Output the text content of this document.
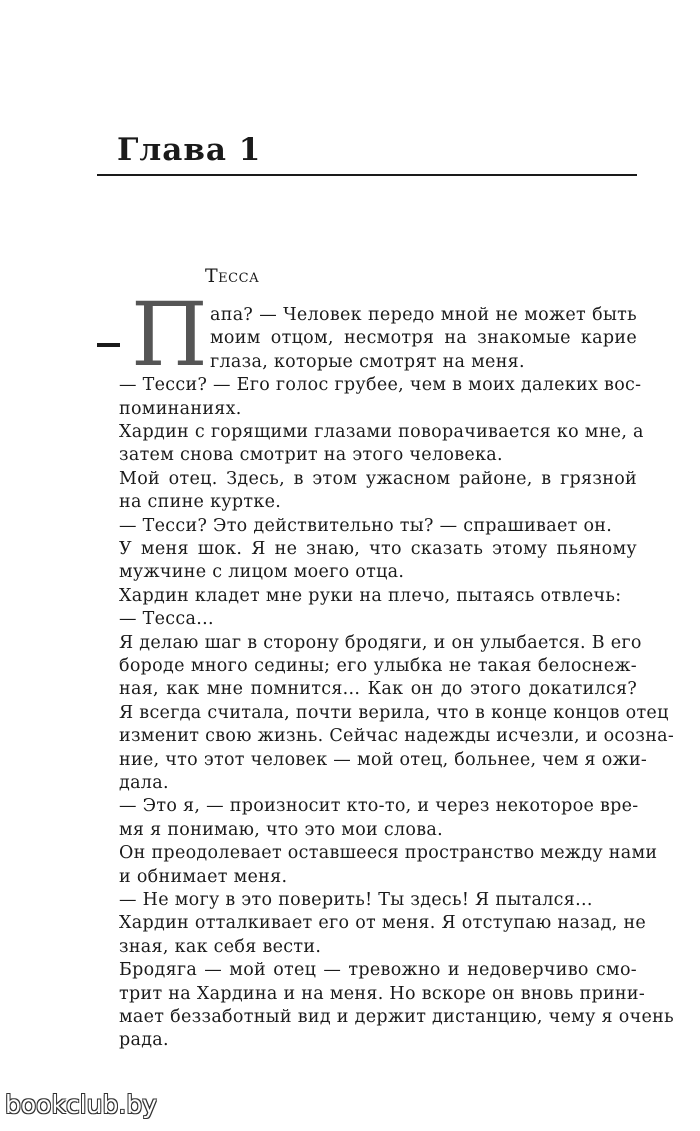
Глава 1
Тесса
П апа? — Человек передо мной не может быть
моим отцом, несмотря на знакомые карие
глаза, которые смотрят на меня.
— Тесси? — Его голос грубее, чем в моих далеких вос-
поминаниях.
Хардин с горящими глазами поворачивается ко мне, а
затем снова смотрит на этого человека.
Мой отец. Здесь, в этом ужасном районе, в грязной
на спине куртке.
— Тесси? Это действительно ты? — спрашивает он.
У меня шок. Я не знаю, что сказать этому пьяному
мужчине с лицом моего отца.
Хардин кладет мне руки на плечо, пытаясь отвлечь:
— Тесса...
Я делаю шаг в сторону бродяги, и он улыбается. В его
бороде много седины; его улыбка не такая белоснеж-
ная, как мне помнится... Как он до этого докатился?
Я всегда считала, почти верила, что в конце концов отец
изменит свою жизнь. Сейчас надежды исчезли, и осозна-
ние, что этот человек — мой отец, больнее, чем я ожи-
дала.
— Это я, — произносит кто-то, и через некоторое вре-
мя я понимаю, что это мои слова.
Он преодолевает оставшееся пространство между нами
и обнимает меня.
— Не могу в это поверить! Ты здесь! Я пытался...
Хардин отталкивает его от меня. Я отступаю назад, не
зная, как себя вести.
Бродяга — мой отец — тревожно и недоверчиво смо-
трит на Хардина и на меня. Но вскоре он вновь прини-
мает беззаботный вид и держит дистанцию, чему я очень
рада.
bookclub.by
